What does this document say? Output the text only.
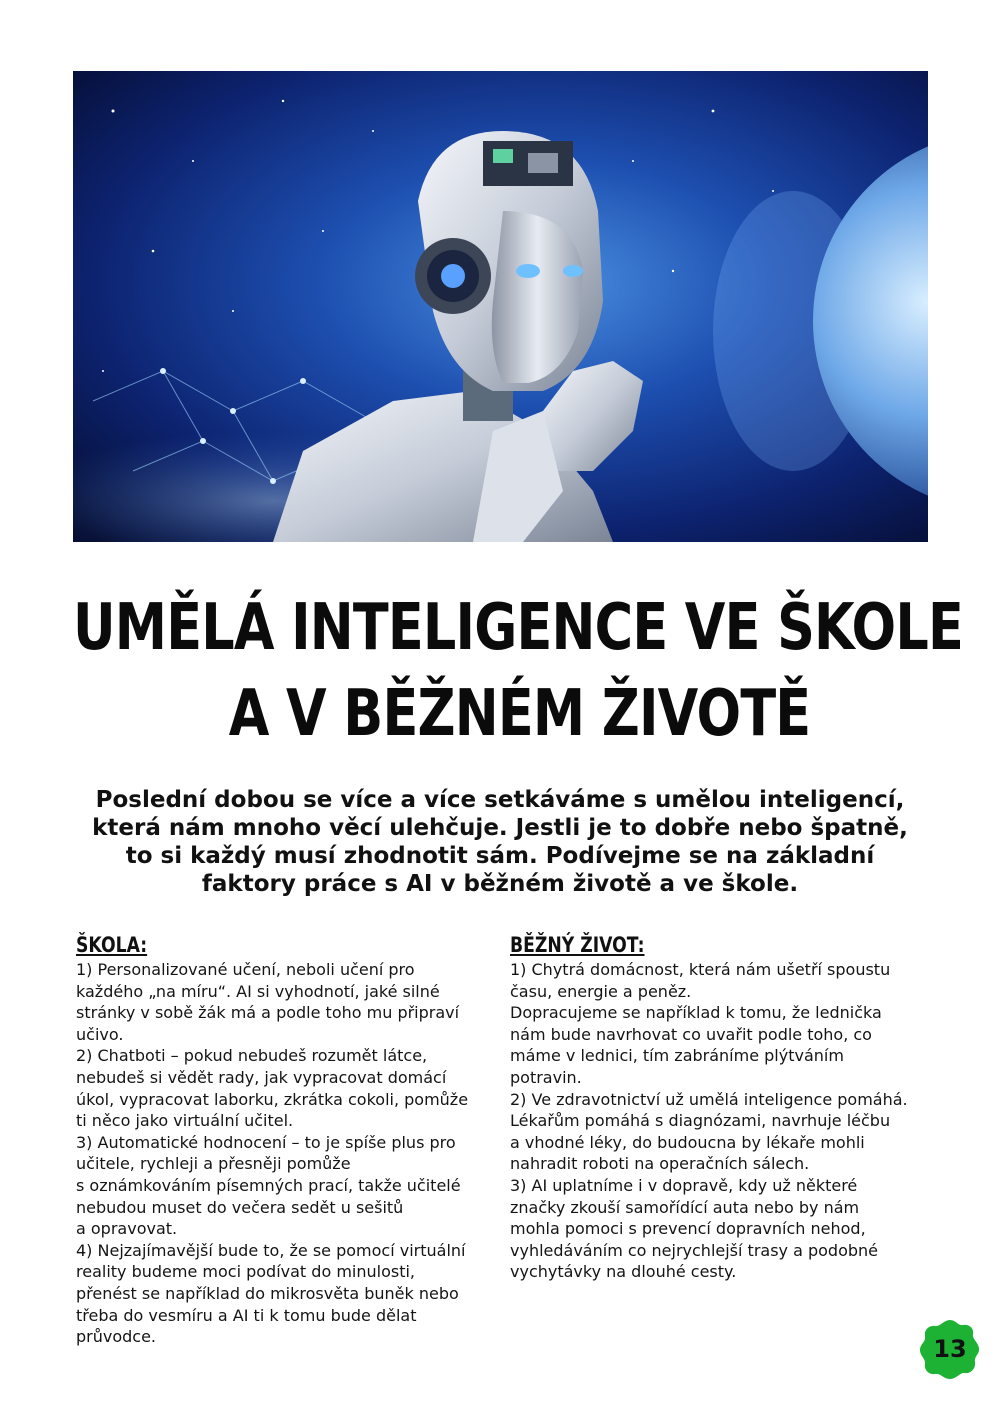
UMĚLÁ INTELIGENCE VE ŠKOLE
A V BĚŽNÉM ŽIVOTĚ
Poslední dobou se více a více setkáváme s umělou inteligencí,
která nám mnoho věcí ulehčuje. Jestli je to dobře nebo špatně,
to si každý musí zhodnotit sám. Podívejme se na základní
faktory práce s AI v běžném životě a ve škole.
ŠKOLA:

1) Personalizované učení, neboli učení pro

každého „na míru“. AI si vyhodnotí, jaké silné

stránky v sobě žák má a podle toho mu připraví

učivo.

2) Chatboti – pokud nebudeš rozumět látce,

nebudeš si vědět rady, jak vypracovat domácí

úkol, vypracovat laborku, zkrátka cokoli, pomůže

ti něco jako virtuální učitel.

3) Automatické hodnocení – to je spíše plus pro

učitele, rychleji a přesněji pomůže

s oznámkováním písemných prací, takže učitelé

nebudou muset do večera sedět u sešitů

a opravovat.

4) Nejzajímavější bude to, že se pomocí virtuální

reality budeme moci podívat do minulosti,

přenést se například do mikrosvěta buněk nebo

třeba do vesmíru a AI ti k tomu bude dělat

průvodce.

BĚŽNÝ ŽIVOT:

1) Chytrá domácnost, která nám ušetří spoustu

času, energie a peněz.

Dopracujeme se například k tomu, že lednička

nám bude navrhovat co uvařit podle toho, co

máme v lednici, tím zabráníme plýtváním

potravin.

2) Ve zdravotnictví už umělá inteligence pomáhá.

Lékařům pomáhá s diagnózami, navrhuje léčbu

a vhodné léky, do budoucna by lékaře mohli

nahradit roboti na operačních sálech.

3) AI uplatníme i v dopravě, kdy už některé

značky zkouší samořídící auta nebo by nám

mohla pomoci s prevencí dopravních nehod,

vyhledáváním co nejrychlejší trasy a podobné

vychytávky na dlouhé cesty.

13
